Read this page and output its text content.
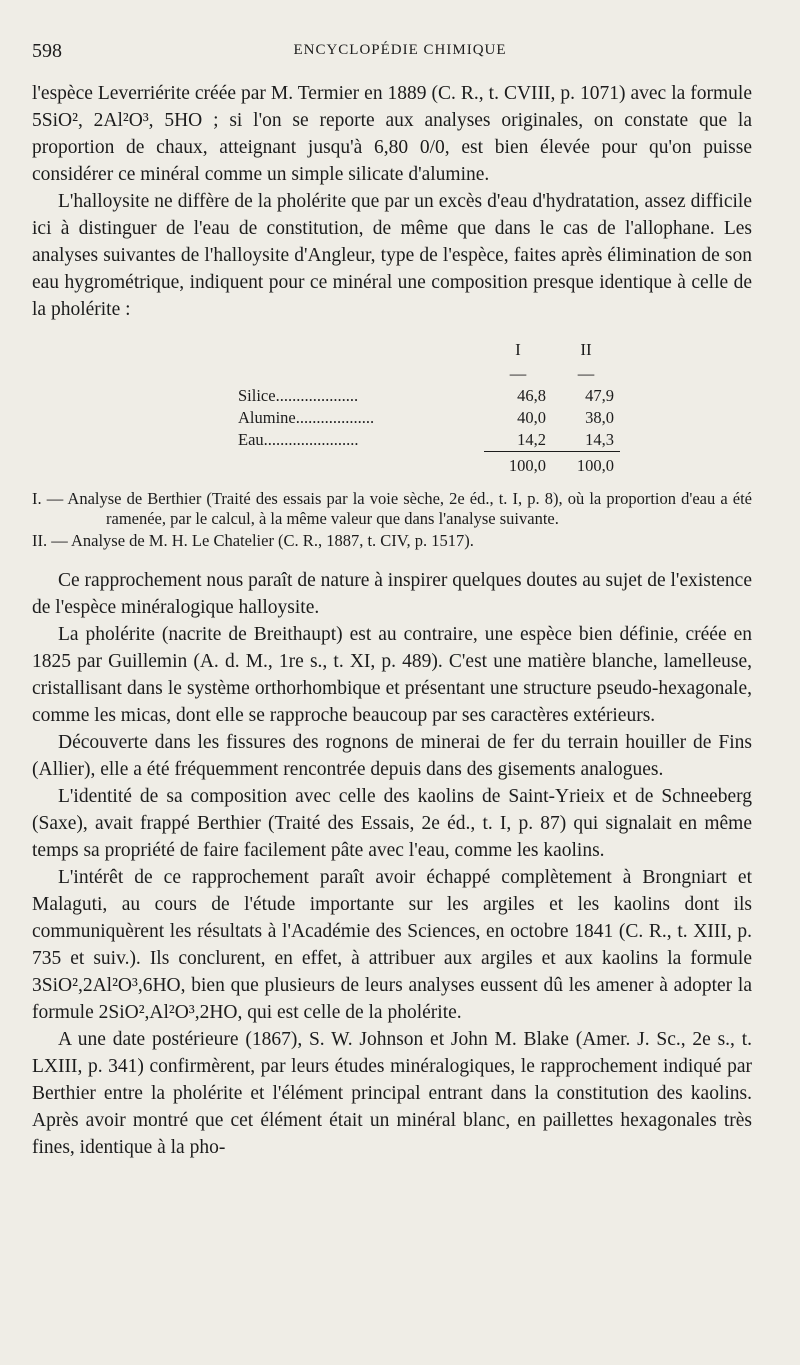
598	ENCYCLOPÉDIE CHIMIQUE

l'espèce Leverriérite créée par M. Termier en 1889 (C. R., t. CVIII, p. 1071) avec la formule 5SiO², 2Al²O³, 5HO ; si l'on se reporte aux analyses originales, on constate que la proportion de chaux, atteignant jusqu'à 6,80 0/0, est bien élevée pour qu'on puisse considérer ce minéral comme un simple silicate d'alumine.

L'halloysite ne diffère de la pholérite que par un excès d'eau d'hydratation, assez difficile ici à distinguer de l'eau de constitution, de même que dans le cas de l'allophane. Les analyses suivantes de l'halloysite d'Angleur, type de l'espèce, faites après élimination de son eau hygrométrique, indiquent pour ce minéral une composition presque identique à celle de la pholérite :

	I	II
	—	—
Silice....................	46,8	47,9
Alumine...................	40,0	38,0
Eau.......................	14,2	14,3
	100,0	100,0

I. — Analyse de Berthier (Traité des essais par la voie sèche, 2e éd., t. I, p. 8), où la proportion d'eau a été ramenée, par le calcul, à la même valeur que dans l'analyse suivante.

II. — Analyse de M. H. Le Chatelier (C. R., 1887, t. CIV, p. 1517).

Ce rapprochement nous paraît de nature à inspirer quelques doutes au sujet de l'existence de l'espèce minéralogique halloysite.

La pholérite (nacrite de Breithaupt) est au contraire, une espèce bien définie, créée en 1825 par Guillemin (A. d. M., 1re s., t. XI, p. 489). C'est une matière blanche, lamelleuse, cristallisant dans le système orthorhombique et présentant une structure pseudo-hexagonale, comme les micas, dont elle se rapproche beaucoup par ses caractères extérieurs.

Découverte dans les fissures des rognons de minerai de fer du terrain houiller de Fins (Allier), elle a été fréquemment rencontrée depuis dans des gisements analogues.

L'identité de sa composition avec celle des kaolins de Saint-Yrieix et de Schneeberg (Saxe), avait frappé Berthier (Traité des Essais, 2e éd., t. I, p. 87) qui signalait en même temps sa propriété de faire facilement pâte avec l'eau, comme les kaolins.

L'intérêt de ce rapprochement paraît avoir échappé complètement à Brongniart et Malaguti, au cours de l'étude importante sur les argiles et les kaolins dont ils communiquèrent les résultats à l'Académie des Sciences, en octobre 1841 (C. R., t. XIII, p. 735 et suiv.). Ils conclurent, en effet, à attribuer aux argiles et aux kaolins la formule 3SiO²,2Al²O³,6HO, bien que plusieurs de leurs analyses eussent dû les amener à adopter la formule 2SiO²,Al²O³,2HO, qui est celle de la pholérite.

A une date postérieure (1867), S. W. Johnson et John M. Blake (Amer. J. Sc., 2e s., t. LXIII, p. 341) confirmèrent, par leurs études minéralogiques, le rapprochement indiqué par Berthier entre la pholérite et l'élément principal entrant dans la constitution des kaolins. Après avoir montré que cet élément était un minéral blanc, en paillettes hexagonales très fines, identique à la pho-
